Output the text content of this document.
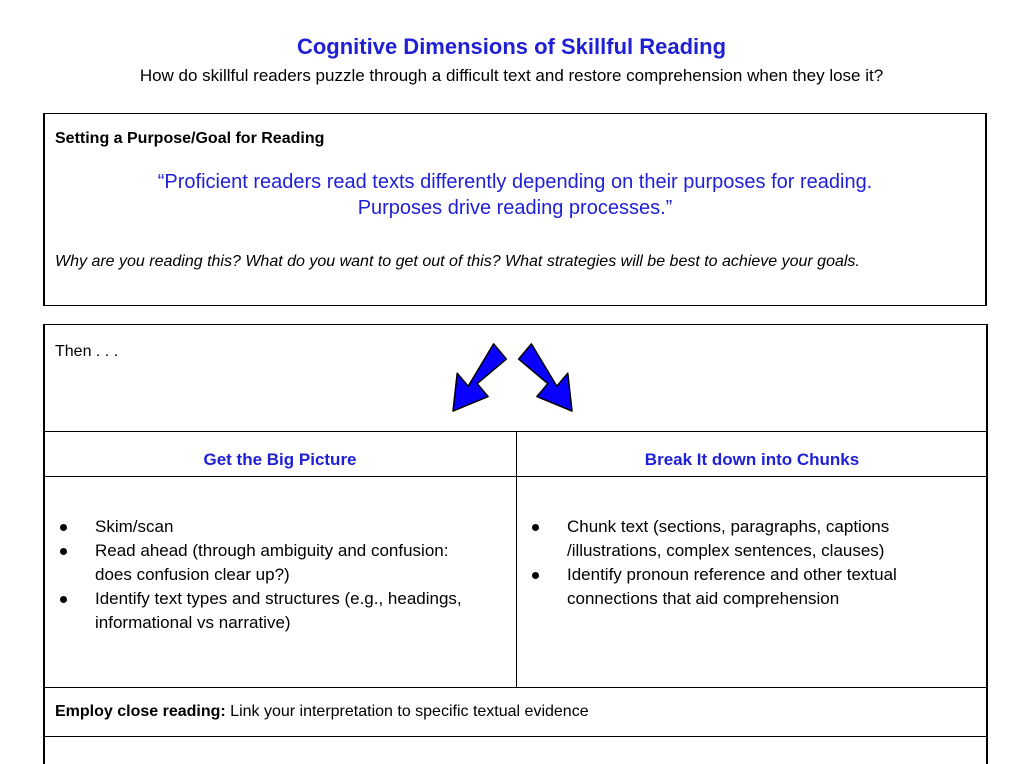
Cognitive Dimensions of Skillful Reading
How do skillful readers puzzle through a difficult text and restore comprehension when they lose it?
Setting a Purpose/Goal for Reading
“Proficient readers read texts differently depending on their purposes for reading.
Purposes drive reading processes.”
Why are you reading this? What do you want to get out of this? What strategies will be best to achieve your goals.
Then . . .
Get the Big Picture	Break It down into Chunks
Skim/scan
Read ahead (through ambiguity and confusion: does confusion clear up?)
Identify text types and structures (e.g., headings, informational vs narrative)
Chunk text (sections, paragraphs, captions /illustrations, complex sentences, clauses)
Identify pronoun reference and other textual connections that aid comprehension
Employ close reading: Link your interpretation to specific textual evidence
